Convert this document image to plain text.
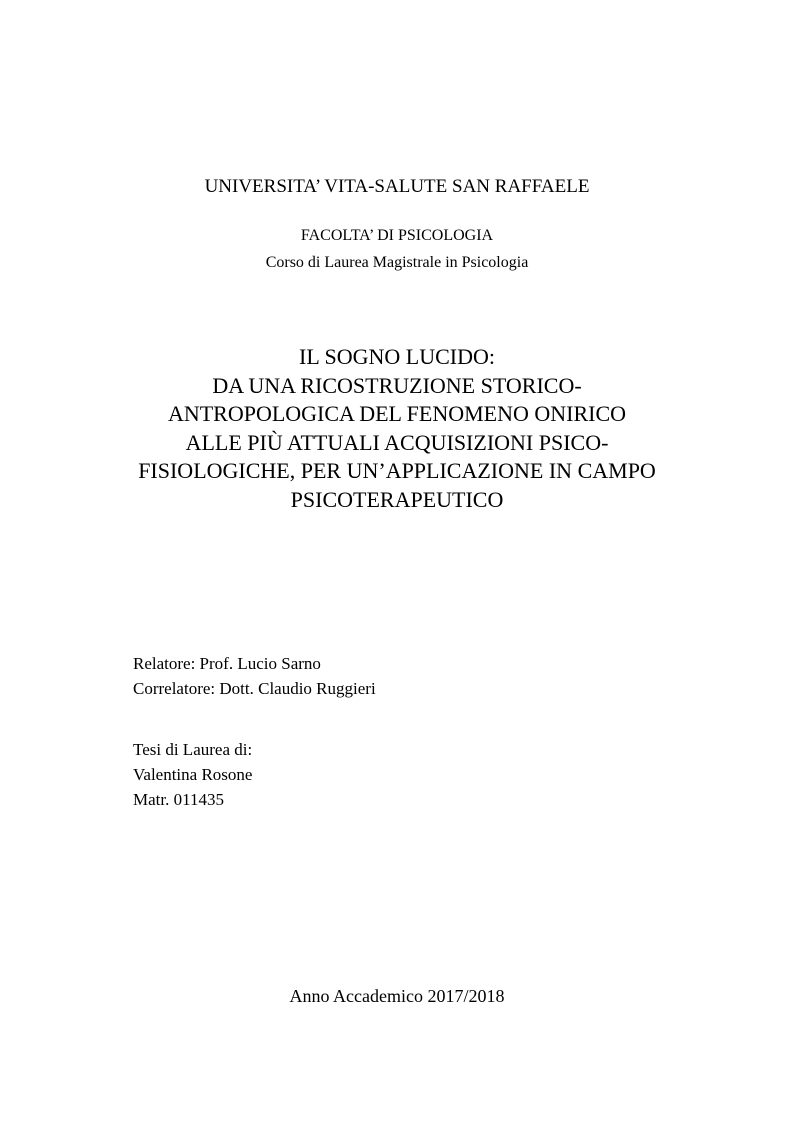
UNIVERSITA’ VITA-SALUTE SAN RAFFAELE
FACOLTA’ DI PSICOLOGIA
Corso di Laurea Magistrale in Psicologia
IL SOGNO LUCIDO:
DA UNA RICOSTRUZIONE STORICO-
ANTROPOLOGICA DEL FENOMENO ONIRICO
ALLE PIÙ ATTUALI ACQUISIZIONI PSICO-
FISIOLOGICHE, PER UN’APPLICAZIONE IN CAMPO
PSICOTERAPEUTICO
Relatore: Prof. Lucio Sarno
Correlatore: Dott. Claudio Ruggieri
Tesi di Laurea di:
Valentina Rosone
Matr. 011435
Anno Accademico 2017/2018
